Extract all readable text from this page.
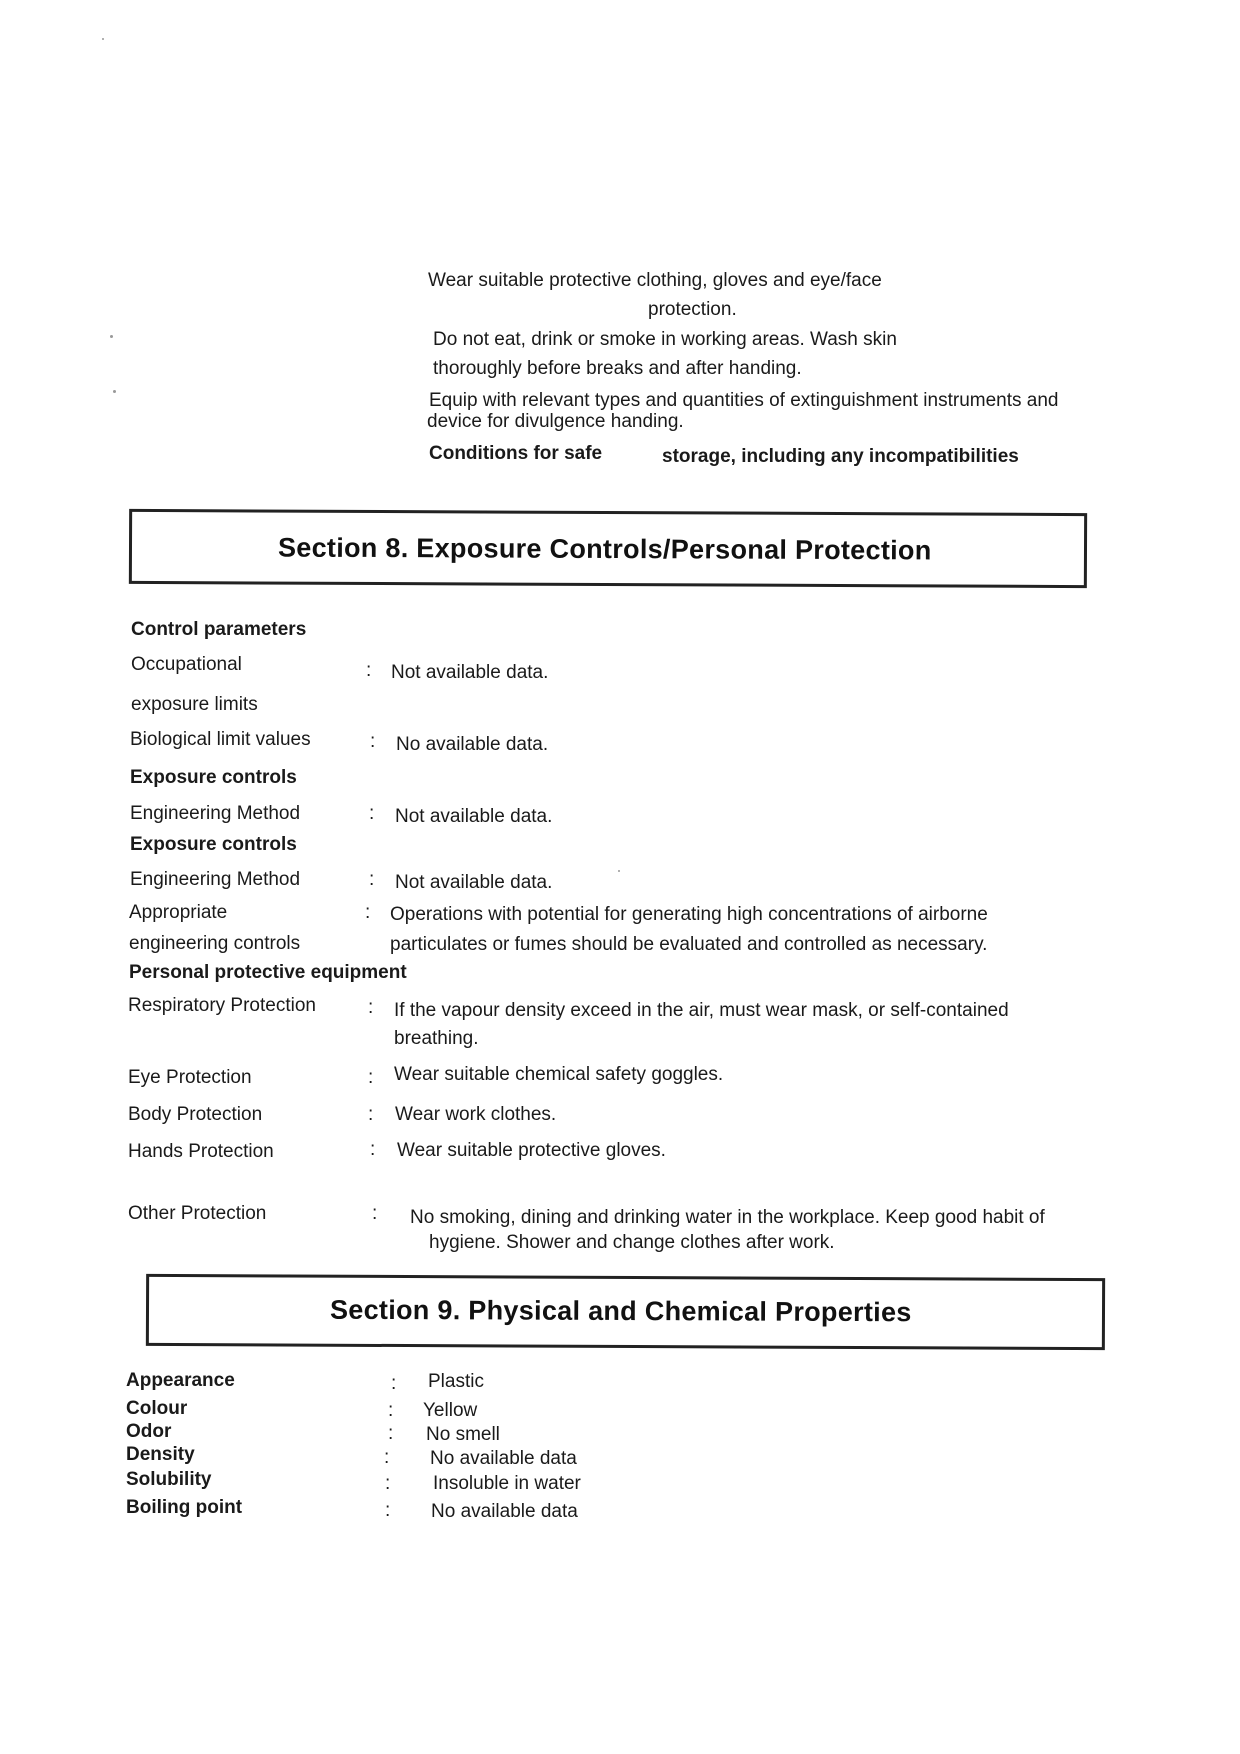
Wear suitable protective clothing, gloves and eye/face
protection.
Do not eat, drink or smoke in working areas. Wash skin
thoroughly before breaks and after handing.
Equip with relevant types and quantities of extinguishment instruments and
device for divulgence handing.
Conditions for safe	storage, including any incompatibilities
Section 8. Exposure Controls/Personal Protection
Control parameters
Occupational	: Not available data.
exposure limits
Biological limit values	: No available data.
Exposure controls
Engineering Method	: Not available data.
Exposure controls
Engineering Method	: Not available data.
Appropriate	: Operations with potential for generating high concentrations of airborne
engineering controls	particulates or fumes should be evaluated and controlled as necessary.
Personal protective equipment
Respiratory Protection	: If the vapour density exceed in the air, must wear mask, or self-contained
breathing.
Eye Protection	: Wear suitable chemical safety goggles.
Body Protection	: Wear work clothes.
Hands Protection	: Wear suitable protective gloves.
Other Protection	: No smoking, dining and drinking water in the workplace. Keep good habit of
hygiene. Shower and change clothes after work.
Section 9. Physical and Chemical Properties
Appearance	: Plastic
Colour	: Yellow
Odor	: No smell
Density	: No available data
Solubility	: Insoluble in water
Boiling point	: No available data
